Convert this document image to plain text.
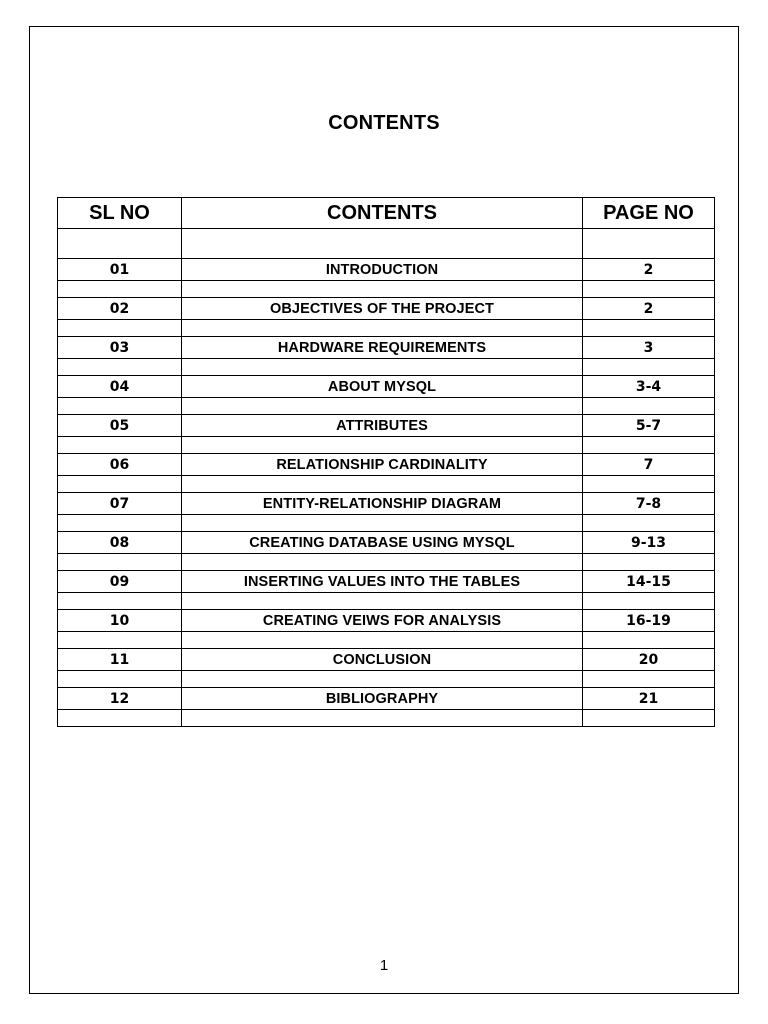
CONTENTS
SL NO	CONTENTS	PAGE NO

01	INTRODUCTION	2

02	OBJECTIVES OF THE PROJECT	2

03	HARDWARE REQUIREMENTS	3

04	ABOUT MYSQL	3-4

05	ATTRIBUTES	5-7

06	RELATIONSHIP CARDINALITY	7

07	ENTITY-RELATIONSHIP DIAGRAM	7-8

08	CREATING DATABASE USING MYSQL	9-13

09	INSERTING VALUES INTO THE TABLES	14-15

10	CREATING VEIWS FOR ANALYSIS	16-19

11	CONCLUSION	20

12	BIBLIOGRAPHY	21

1
